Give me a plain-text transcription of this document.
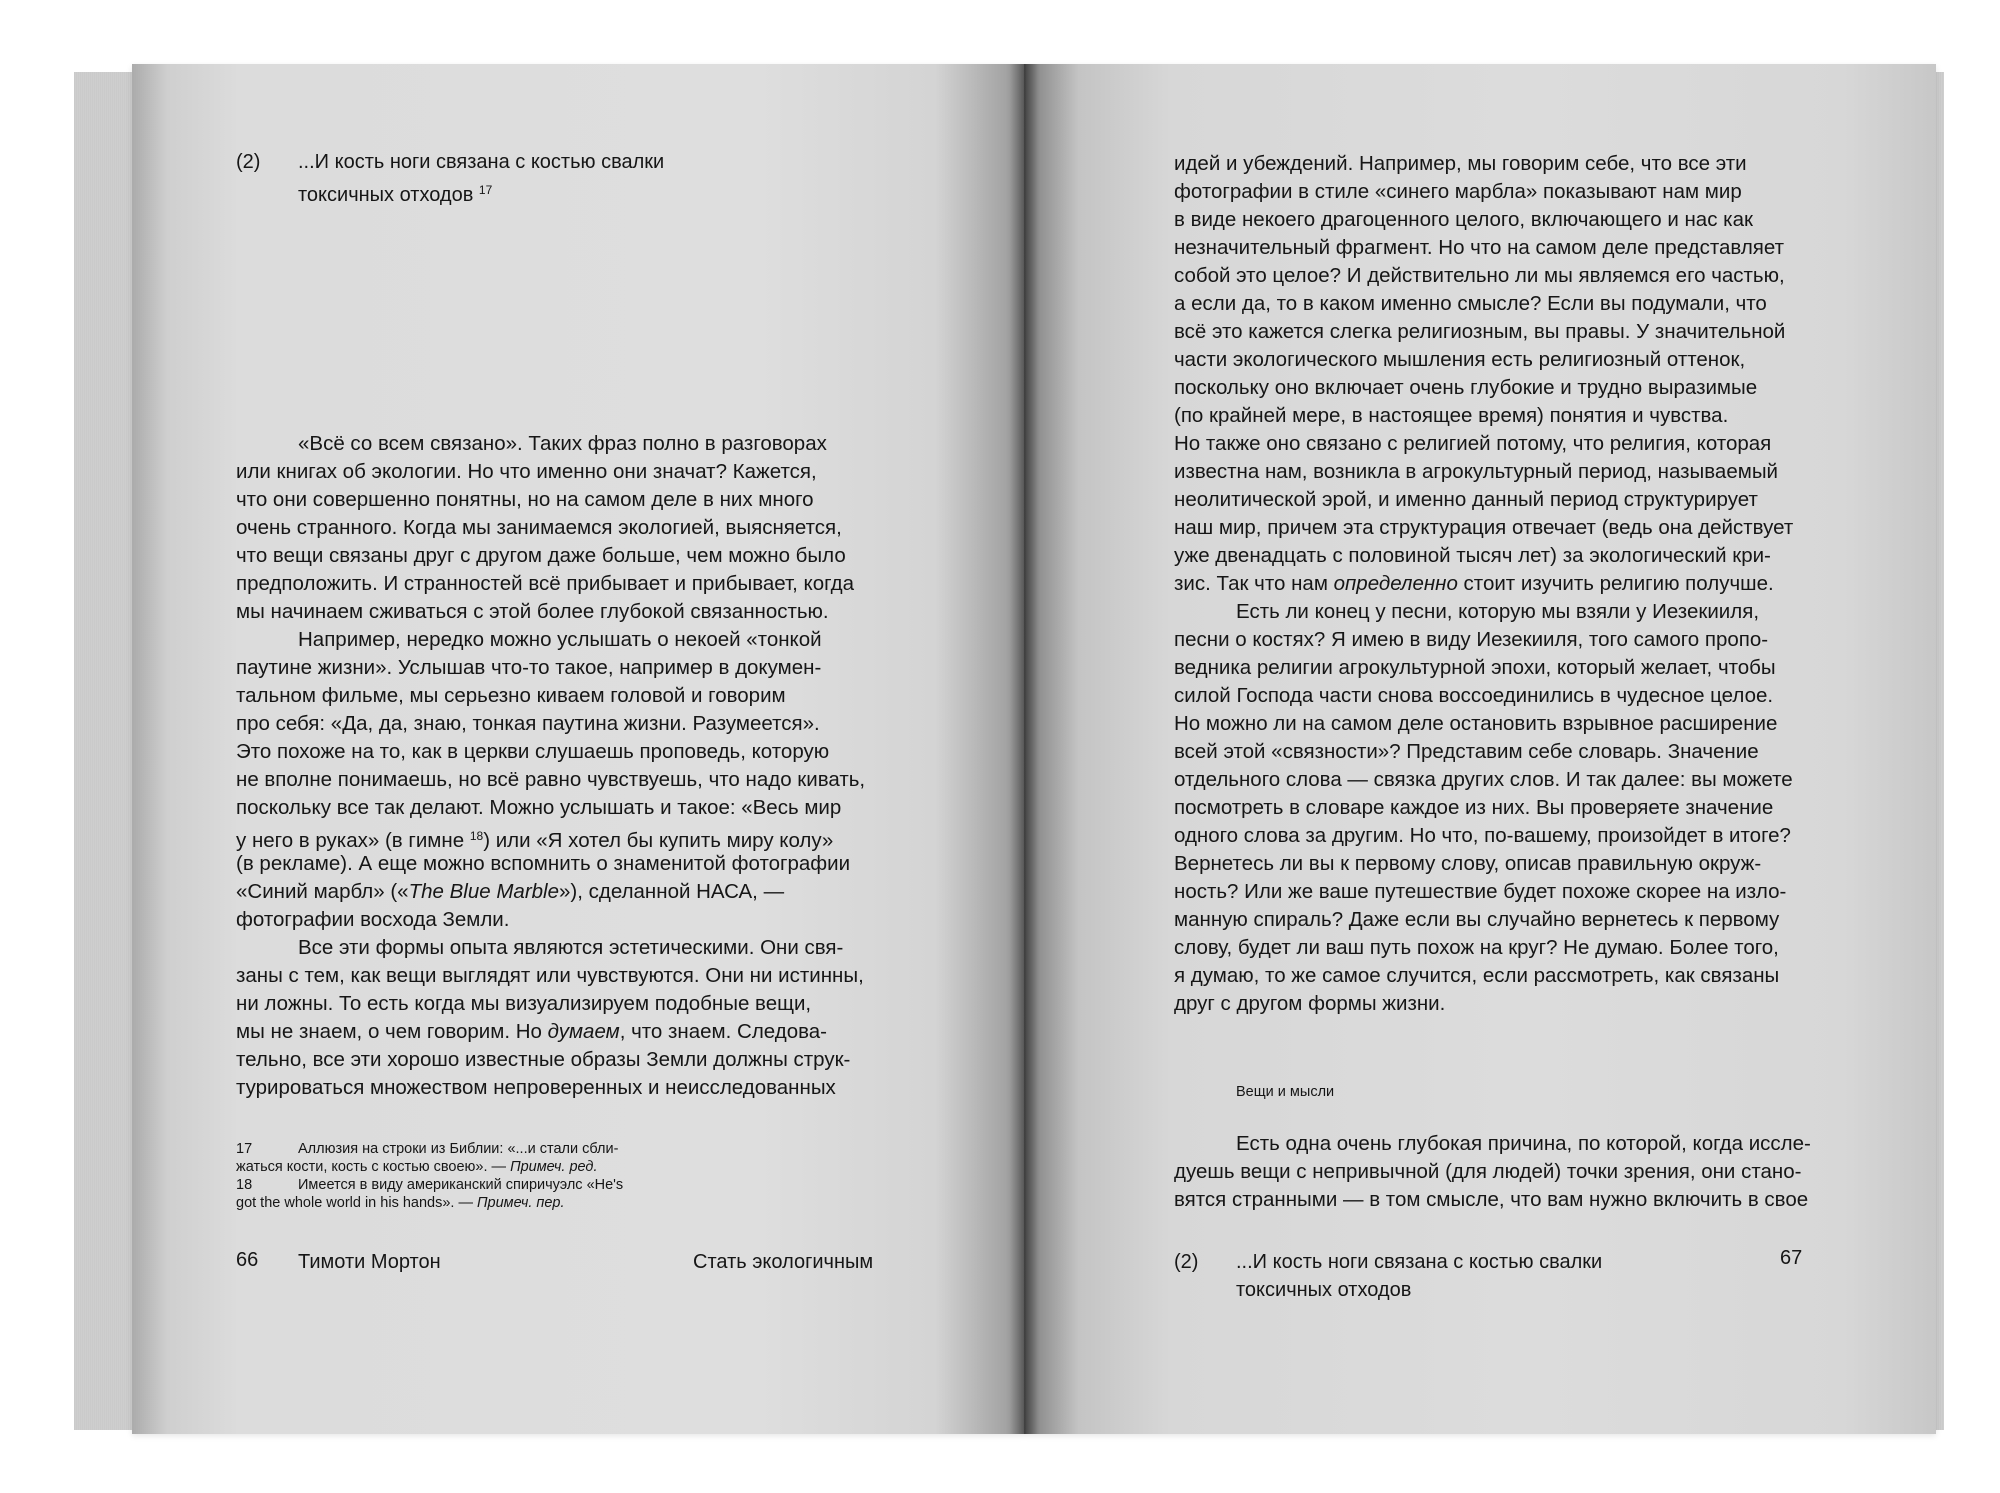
(2) ...И кость ноги связана с костью свалки
токсичных отходов $^{17}$
«Всё со всем связано». Таких фраз полно в разговорах
или книгах об экологии. Но что именно они значат? Кажется,
что они совершенно понятны, но на самом деле в них много
очень странного. Когда мы занимаемся экологией, выясняется,
что вещи связаны друг с другом даже больше, чем можно было
предположить. И странностей всё прибывает и прибывает, когда
мы начинаем сживаться с этой более глубокой связанностью.
Например, нередко можно услышать о некоей «тонкой
паутине жизни». Услышав что-то такое, например в докумен-
тальном фильме, мы серьезно киваем головой и говорим
про себя: «Да, да, знаю, тонкая паутина жизни. Разумеется».
Это похоже на то, как в церкви слушаешь проповедь, которую
не вполне понимаешь, но всё равно чувствуешь, что надо кивать,
поскольку все так делают. Можно услышать и такое: «Весь мир
у него в руках» (в гимне $^{18}$) или «Я хотел бы купить миру колу»
(в рекламе). А еще можно вспомнить о знаменитой фотографии
«Синий марбл» («The Blue Marble»), сделанной НАСА, —
фотографии восхода Земли.
Все эти формы опыта являются эстетическими. Они свя-
заны с тем, как вещи выглядят или чувствуются. Они ни истинны,
ни ложны. То есть когда мы визуализируем подобные вещи,
мы не знаем, о чем говорим. Но думаем, что знаем. Следова-
тельно, все эти хорошо известные образы Земли должны струк-
турироваться множеством непроверенных и неисследованных
17	Аллюзия на строки из Библии: «...и стали сбли-
жаться кости, кость с костью своею». — Примеч. ред.
18	Имеется в виду американский спиричуэлс «He's
got the whole world in his hands». — Примеч. пер.
66 Тимоти Мортон	Стать экологичным
идей и убеждений. Например, мы говорим себе, что все эти
фотографии в стиле «синего марбла» показывают нам мир
в виде некоего драгоценного целого, включающего и нас как
незначительный фрагмент. Но что на самом деле представляет
собой это целое? И действительно ли мы являемся его частью,
а если да, то в каком именно смысле? Если вы подумали, что
всё это кажется слегка религиозным, вы правы. У значительной
части экологического мышления есть религиозный оттенок,
поскольку оно включает очень глубокие и трудно выразимые
(по крайней мере, в настоящее время) понятия и чувства.
Но также оно связано с религией потому, что религия, которая
известна нам, возникла в агрокультурный период, называемый
неолитической эрой, и именно данный период структурирует
наш мир, причем эта структурация отвечает (ведь она действует
уже двенадцать с половиной тысяч лет) за экологический кри-
зис. Так что нам определенно стоит изучить религию получше.
Есть ли конец у песни, которую мы взяли у Иезекииля,
песни о костях? Я имею в виду Иезекииля, того самого пропо-
ведника религии агрокультурной эпохи, который желает, чтобы
силой Господа части снова воссоединились в чудесное целое.
Но можно ли на самом деле остановить взрывное расширение
всей этой «связности»? Представим себе словарь. Значение
отдельного слова — связка других слов. И так далее: вы можете
посмотреть в словаре каждое из них. Вы проверяете значение
одного слова за другим. Но что, по-вашему, произойдет в итоге?
Вернетесь ли вы к первому слову, описав правильную окруж-
ность? Или же ваше путешествие будет похоже скорее на изло-
манную спираль? Даже если вы случайно вернетесь к первому
слову, будет ли ваш путь похож на круг? Не думаю. Более того,
я думаю, то же самое случится, если рассмотреть, как связаны
друг с другом формы жизни.
Вещи и мысли
Есть одна очень глубокая причина, по которой, когда иссле-
дуешь вещи с непривычной (для людей) точки зрения, они стано-
вятся странными — в том смысле, что вам нужно включить в свое
(2) ...И кость ноги связана с костью свалки
токсичных отходов
67
